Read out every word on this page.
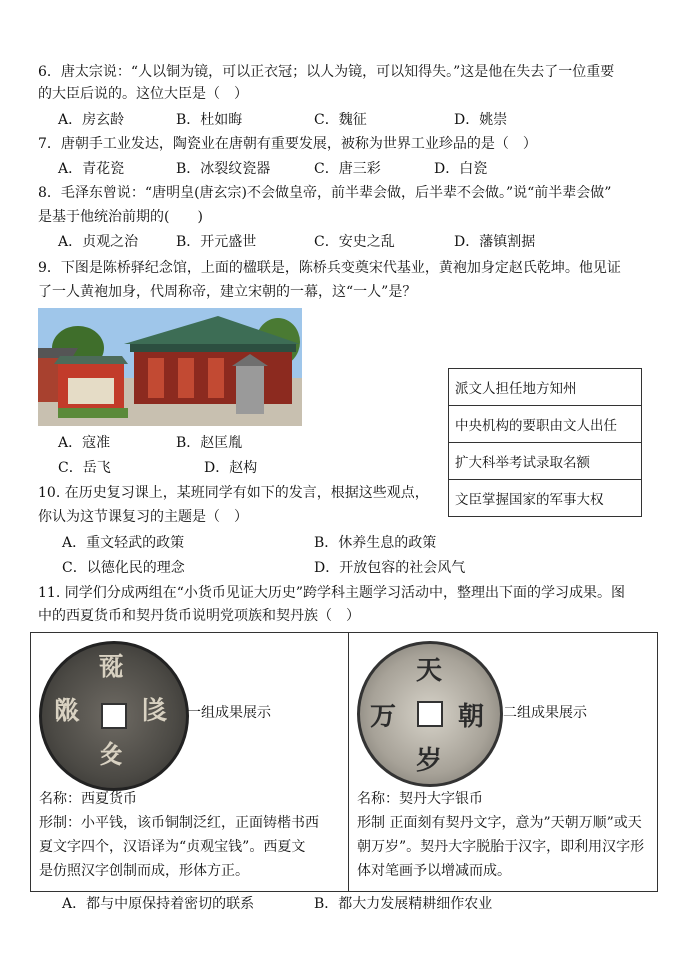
6．唐太宗说：“人以铜为镜，可以正衣冠；以人为镜，可以知得失。”这是他在失去了一位重要
的大臣后说的。这位大臣是（　）
A．房玄龄	B．杜如晦	C．魏征	D．姚崇
7．唐朝手工业发达，陶瓷业在唐朝有重要发展，被称为世界工业珍品的是（　）
A．青花瓷	B．冰裂纹瓷器	C．唐三彩	D．白瓷
8．毛泽东曾说：“唐明皇(唐玄宗)不会做皇帝，前半辈会做，后半辈不会做。”说“前半辈会做”
是基于他统治前期的(　　)
A．贞观之治	B．开元盛世	C．安史之乱	D．藩镇割据
9．下图是陈桥驿纪念馆，上面的楹联是，陈桥兵变奠宋代基业，黄袍加身定赵氏乾坤。他见证
了一人黄袍加身，代周称帝，建立宋朝的一幕，这“一人”是？
A．寇准	B．赵匡胤
C．岳飞	D．赵构
派文人担任地方知州
中央机构的要职由文人出任
扩大科举考试录取名额
文臣掌握国家的军事大权
10. 在历史复习课上，某班同学有如下的发言，根据这些观点，
你认为这节课复习的主题是（　）
A．重文轻武的政策	B．休养生息的政策
C．以德化民的理念	D．开放包容的社会风气
11. 同学们分成两组在“小货币见证大历史”跨学科主题学习活动中，整理出下面的学习成果。图
中的西夏货币和契丹货币说明党项族和契丹族（　）
𗀔
𗁅
𗂂
𗃐
一组成果展示
名称：西夏货币
形制：小平钱，该币铜制泛红，正面铸楷书西
夏文字四个，汉语译为“贞观宝钱”。西夏文
是仿照汉字创制而成，形体方正。
天
万 朝
岁
二组成果展示
名称：契丹大字银币
形制 正面刻有契丹文字，意为”天朝万顺”或天
朝万岁”。契丹大字脱胎于汉字，即利用汉字形
体对笔画予以增减而成。
A．都与中原保持着密切的联系	B．都大力发展精耕细作农业
